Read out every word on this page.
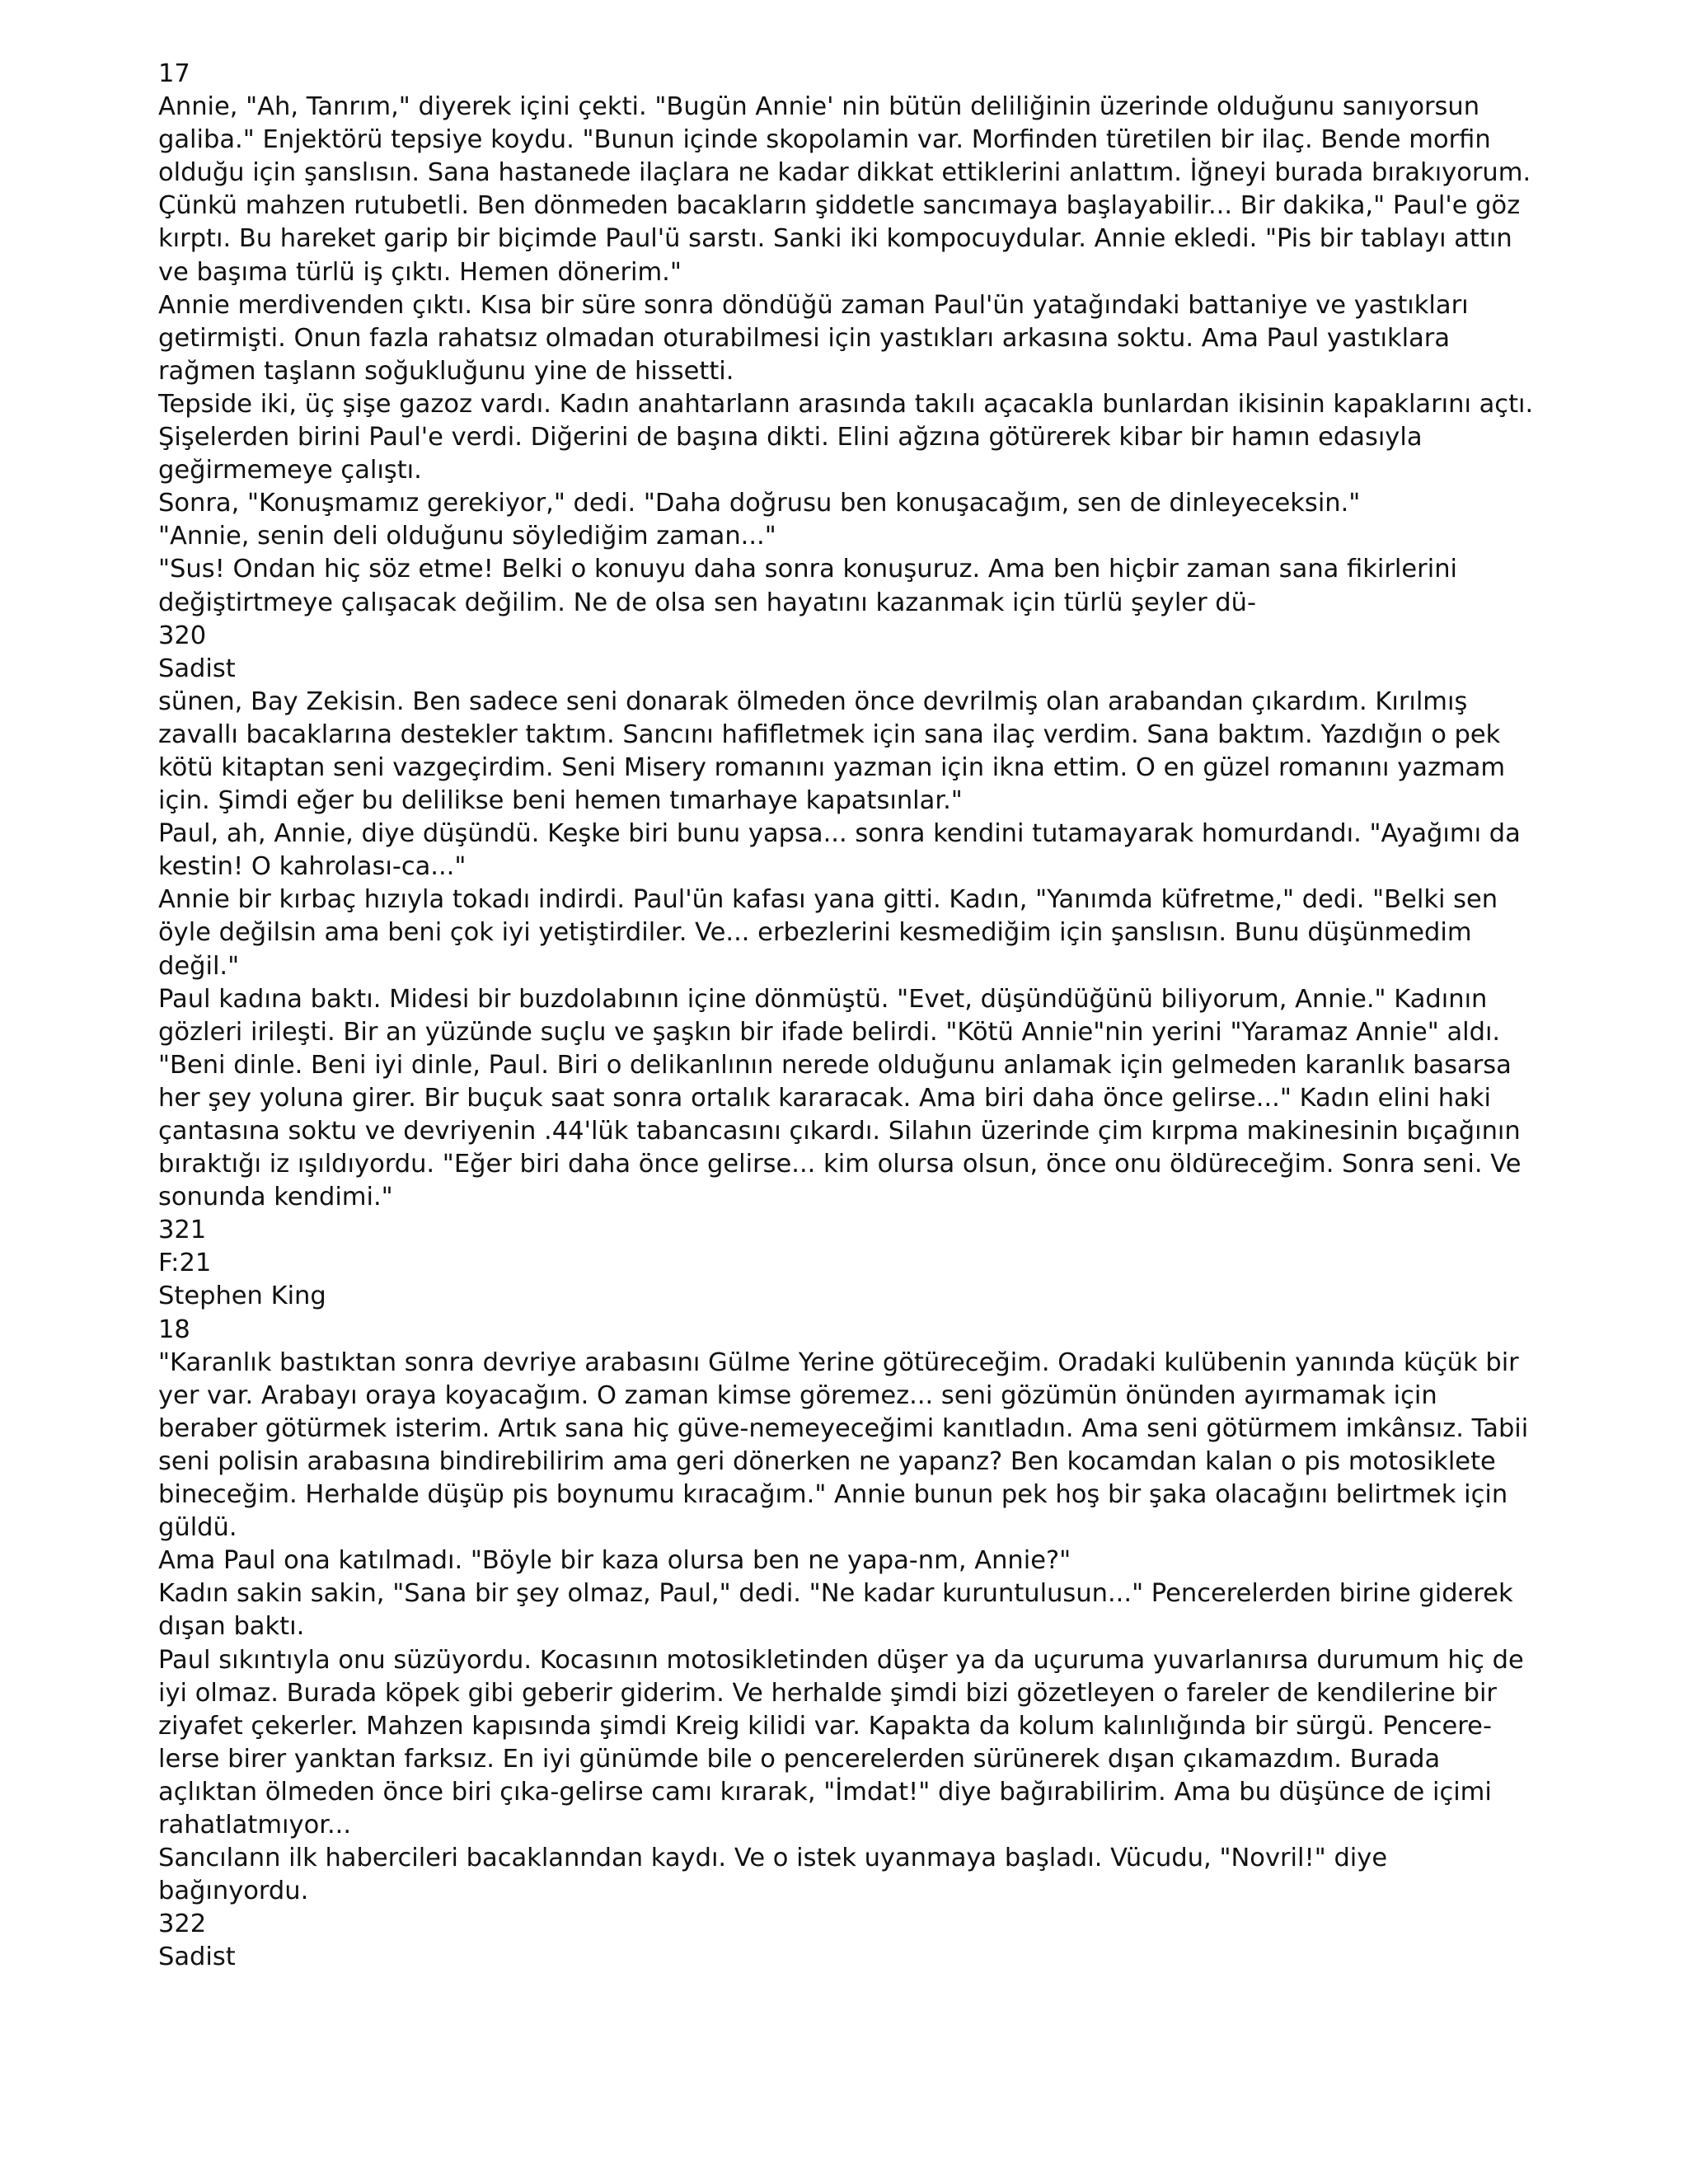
17
Annie, "Ah, Tanrım," diyerek içini çekti. "Bugün Annie' nin bütün deliliğinin üzerinde olduğunu sanıyorsun
galiba." Enjektörü tepsiye koydu. "Bunun içinde skopolamin var. Morfinden türetilen bir ilaç. Bende morfin
olduğu için şanslısın. Sana hastanede ilaçlara ne kadar dikkat ettiklerini anlattım. İğneyi burada bırakıyorum.
Çünkü mahzen rutubetli. Ben dönmeden bacakların şiddetle sancımaya başlayabilir... Bir dakika," Paul'e göz
kırptı. Bu hareket garip bir biçimde Paul'ü sarstı. Sanki iki kompocuydular. Annie ekledi. "Pis bir tablayı attın
ve başıma türlü iş çıktı. Hemen dönerim."
Annie merdivenden çıktı. Kısa bir süre sonra döndüğü zaman Paul'ün yatağındaki battaniye ve yastıkları
getirmişti. Onun fazla rahatsız olmadan oturabilmesi için yastıkları arkasına soktu. Ama Paul yastıklara
rağmen taşlann soğukluğunu yine de hissetti.
Tepside iki, üç şişe gazoz vardı. Kadın anahtarlann arasında takılı açacakla bunlardan ikisinin kapaklarını açtı.
Şişelerden birini Paul'e verdi. Diğerini de başına dikti. Elini ağzına götürerek kibar bir hamın edasıyla
geğirmemeye çalıştı.
Sonra, "Konuşmamız gerekiyor," dedi. "Daha doğrusu ben konuşacağım, sen de dinleyeceksin."
"Annie, senin deli olduğunu söylediğim zaman..."
"Sus! Ondan hiç söz etme! Belki o konuyu daha sonra konuşuruz. Ama ben hiçbir zaman sana fikirlerini
değiştirtmeye çalışacak değilim. Ne de olsa sen hayatını kazanmak için türlü şeyler dü-
320
Sadist
sünen, Bay Zekisin. Ben sadece seni donarak ölmeden önce devrilmiş olan arabandan çıkardım. Kırılmış
zavallı bacaklarına destekler taktım. Sancını hafifletmek için sana ilaç verdim. Sana baktım. Yazdığın o pek
kötü kitaptan seni vazgeçirdim. Seni Misery romanını yazman için ikna ettim. O en güzel romanını yazmam
için. Şimdi eğer bu delilikse beni hemen tımarhaye kapatsınlar."
Paul, ah, Annie, diye düşündü. Keşke biri bunu yapsa... sonra kendini tutamayarak homurdandı. "Ayağımı da
kestin! O kahrolası-ca..."
Annie bir kırbaç hızıyla tokadı indirdi. Paul'ün kafası yana gitti. Kadın, "Yanımda küfretme," dedi. "Belki sen
öyle değilsin ama beni çok iyi yetiştirdiler. Ve... erbezlerini kesmediğim için şanslısın. Bunu düşünmedim
değil."
Paul kadına baktı. Midesi bir buzdolabının içine dönmüştü. "Evet, düşündüğünü biliyorum, Annie." Kadının
gözleri irileşti. Bir an yüzünde suçlu ve şaşkın bir ifade belirdi. "Kötü Annie"nin yerini "Yaramaz Annie" aldı.
"Beni dinle. Beni iyi dinle, Paul. Biri o delikanlının nerede olduğunu anlamak için gelmeden karanlık basarsa
her şey yoluna girer. Bir buçuk saat sonra ortalık kararacak. Ama biri daha önce gelirse..." Kadın elini haki
çantasına soktu ve devriyenin .44'lük tabancasını çıkardı. Silahın üzerinde çim kırpma makinesinin bıçağının
bıraktığı iz ışıldıyordu. "Eğer biri daha önce gelirse... kim olursa olsun, önce onu öldüreceğim. Sonra seni. Ve
sonunda kendimi."
321
F:21
Stephen King
18
"Karanlık bastıktan sonra devriye arabasını Gülme Yerine götüreceğim. Oradaki kulübenin yanında küçük bir
yer var. Arabayı oraya koyacağım. O zaman kimse göremez... seni gözümün önünden ayırmamak için
beraber götürmek isterim. Artık sana hiç güve-nemeyeceğimi kanıtladın. Ama seni götürmem imkânsız. Tabii
seni polisin arabasına bindirebilirim ama geri dönerken ne yapanz? Ben kocamdan kalan o pis motosiklete
bineceğim. Herhalde düşüp pis boynumu kıracağım." Annie bunun pek hoş bir şaka olacağını belirtmek için
güldü.
Ama Paul ona katılmadı. "Böyle bir kaza olursa ben ne yapa-nm, Annie?"
Kadın sakin sakin, "Sana bir şey olmaz, Paul," dedi. "Ne kadar kuruntulusun..." Pencerelerden birine giderek
dışan baktı.
Paul sıkıntıyla onu süzüyordu. Kocasının motosikletinden düşer ya da uçuruma yuvarlanırsa durumum hiç de
iyi olmaz. Burada köpek gibi geberir giderim. Ve herhalde şimdi bizi gözetleyen o fareler de kendilerine bir
ziyafet çekerler. Mahzen kapısında şimdi Kreig kilidi var. Kapakta da kolum kalınlığında bir sürgü. Pencere-
lerse birer yanktan farksız. En iyi günümde bile o pencerelerden sürünerek dışan çıkamazdım. Burada
açlıktan ölmeden önce biri çıka-gelirse camı kırarak, "İmdat!" diye bağırabilirim. Ama bu düşünce de içimi
rahatlatmıyor...
Sancılann ilk habercileri bacaklanndan kaydı. Ve o istek uyanmaya başladı. Vücudu, "Novril!" diye
bağınyordu.
322
Sadist
